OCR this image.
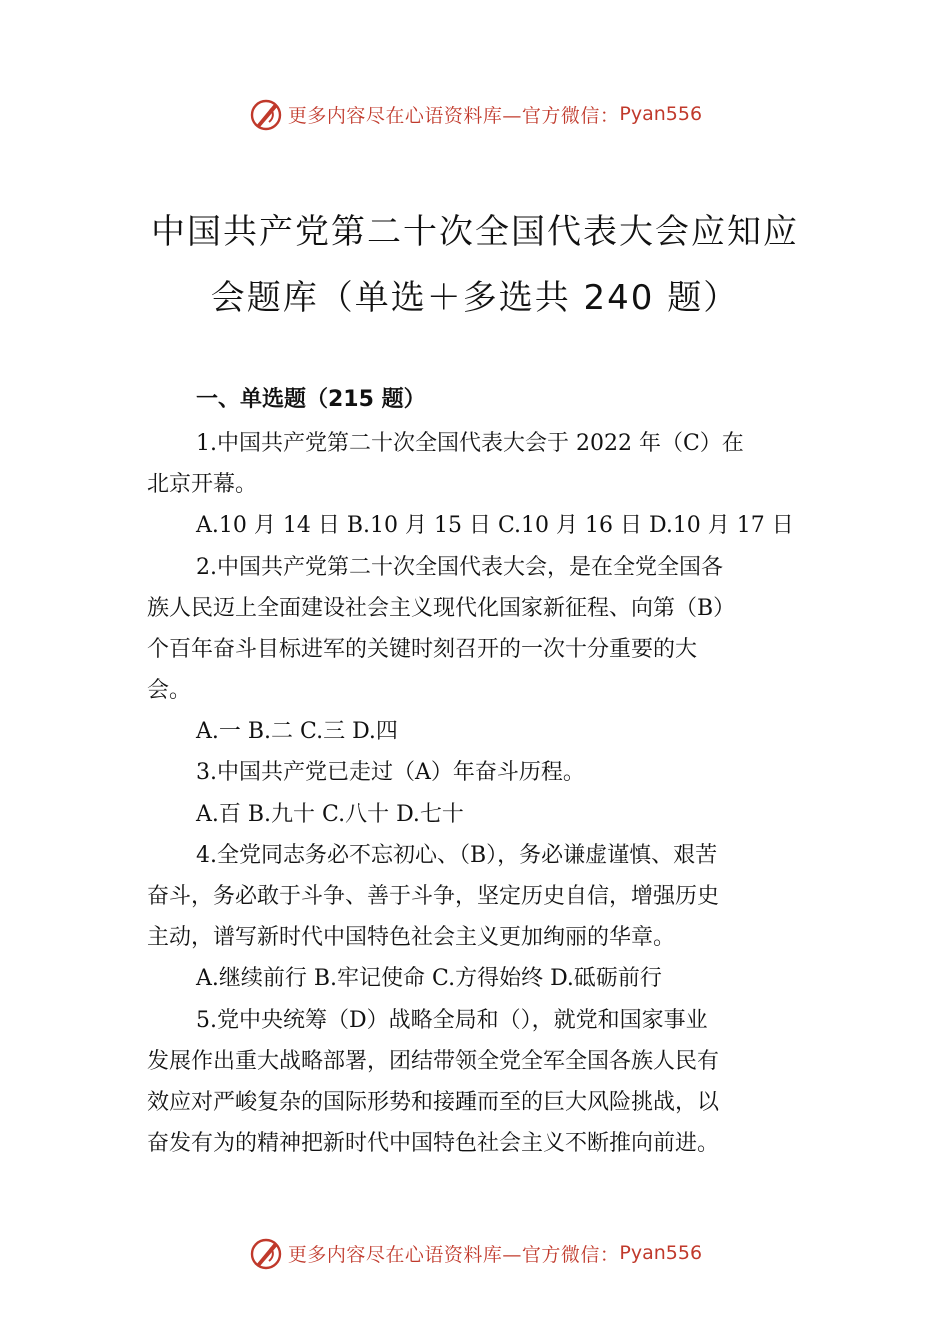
更多内容尽在心语资料库—官方微信： Pyan556
中国共产党第二十次全国代表大会应知应
会题库（单选＋多选共 240 题）
一、单选题（215 题）
1.中国共产党第二十次全国代表大会于 2022 年（C）在
北京开幕。
A.10 月 14 日 B.10 月 15 日 C.10 月 16 日 D.10 月 17 日
2.中国共产党第二十次全国代表大会，是在全党全国各
族人民迈上全面建设社会主义现代化国家新征程、向第（B）
个百年奋斗目标进军的关键时刻召开的一次十分重要的大
会。
A.一 B.二 C.三 D.四
3.中国共产党已走过（A）年奋斗历程。
A.百 B.九十 C.八十 D.七十
4.全党同志务必不忘初心、（B），务必谦虚谨慎、艰苦
奋斗，务必敢于斗争、善于斗争，坚定历史自信，增强历史
主动，谱写新时代中国特色社会主义更加绚丽的华章。
A.继续前行 B.牢记使命 C.方得始终 D.砥砺前行
5.党中央统筹（D）战略全局和（），就党和国家事业
发展作出重大战略部署，团结带领全党全军全国各族人民有
效应对严峻复杂的国际形势和接踵而至的巨大风险挑战，以
奋发有为的精神把新时代中国特色社会主义不断推向前进。
更多内容尽在心语资料库—官方微信： Pyan556
